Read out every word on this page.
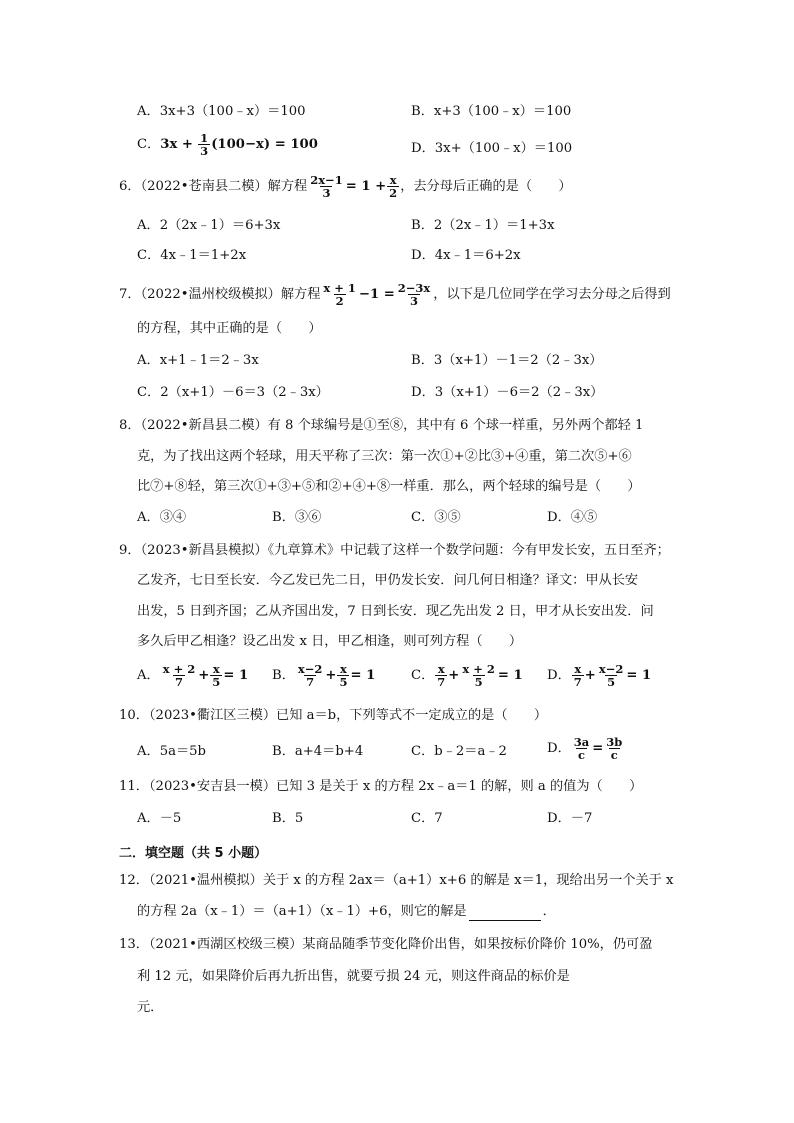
A．3x+3（100﹣x）＝100	B．x+3（100﹣x）＝100
C．$3x + \frac{1}{3} (100-x) = 100$	D．3x+（100﹣x）＝100
6．（2022•苍南县二模）解方程 $\frac{2x-1}{3} = 1 + \frac{x}{2}$ ，去分母后正确的是（　　）
A．2（2x﹣1）＝6+3x	B．2（2x﹣1）＝1+3x
C．4x﹣1＝1+2x	D．4x﹣1＝6+2x
7．（2022•温州校级模拟）解方程 $\frac{x + 1}{2} -1 = \frac{2-3x}{3}$ ，以下是几位同学在学习去分母之后得到
的方程，其中正确的是（　　）
A．x+1﹣1＝2﹣3x	B．3（x+1）－1＝2（2﹣3x）
C．2（x+1）－6＝3（2﹣3x）	D．3（x+1）－6＝2（2﹣3x）
8．（2022•新昌县二模）有 8 个球编号是①至⑧，其中有 6 个球一样重，另外两个都轻 1
克，为了找出这两个轻球，用天平称了三次：第一次①+②比③+④重，第二次⑤+⑥
比⑦+⑧轻，第三次①+③+⑤和②+④+⑧一样重．那么，两个轻球的编号是（　　）
A．③④	B．③⑥	C．③⑤	D．④⑤
9．（2023•新昌县模拟）《九章算术》中记载了这样一个数学问题：今有甲发长安，五日至齐；
乙发齐，七日至长安．今乙发已先二日，甲仍发长安．问几何日相逢？译文：甲从长安
出发，5 日到齐国；乙从齐国出发，7 日到长安．现乙先出发 2 日，甲才从长安出发．问
多久后甲乙相逢？设乙出发 x 日，甲乙相逢，则可列方程（　　）
A． $\frac{x + 2}{7} + \frac{x}{5} = 1$ B． $\frac{x-2}{7} + \frac{x}{5} = 1$	C． $\frac{x}{7} + \frac{x + 2}{5} = 1$ D． $\frac{x}{7} + \frac{x-2}{5} = 1$
10．（2023•衢江区三模）已知 a＝b，下列等式不一定成立的是（　　）
A．5a＝5b	B．a+4＝b+4	C．b﹣2＝a﹣2	D． $\frac{3a}{c} = \frac{3b}{c}$
11．（2023•安吉县一模）已知 3 是关于 x 的方程 2x﹣a＝1 的解，则 a 的值为（　　）
A．－5	B．5	C．7	D．－7
二．填空题（共 5 小题）
12．（2021•温州模拟）关于 x 的方程 2ax＝（a+1）x+6 的解是 x＝1，现给出另一个关于 x
的方程 2a（x﹣1）＝（a+1）（x﹣1）+6，则它的解是	．
13．（2021•西湖区校级三模）某商品随季节变化降价出售，如果按标价降价 10%，仍可盈
利 12 元，如果降价后再九折出售，就要亏损 24 元，则这件商品的标价是
元．
